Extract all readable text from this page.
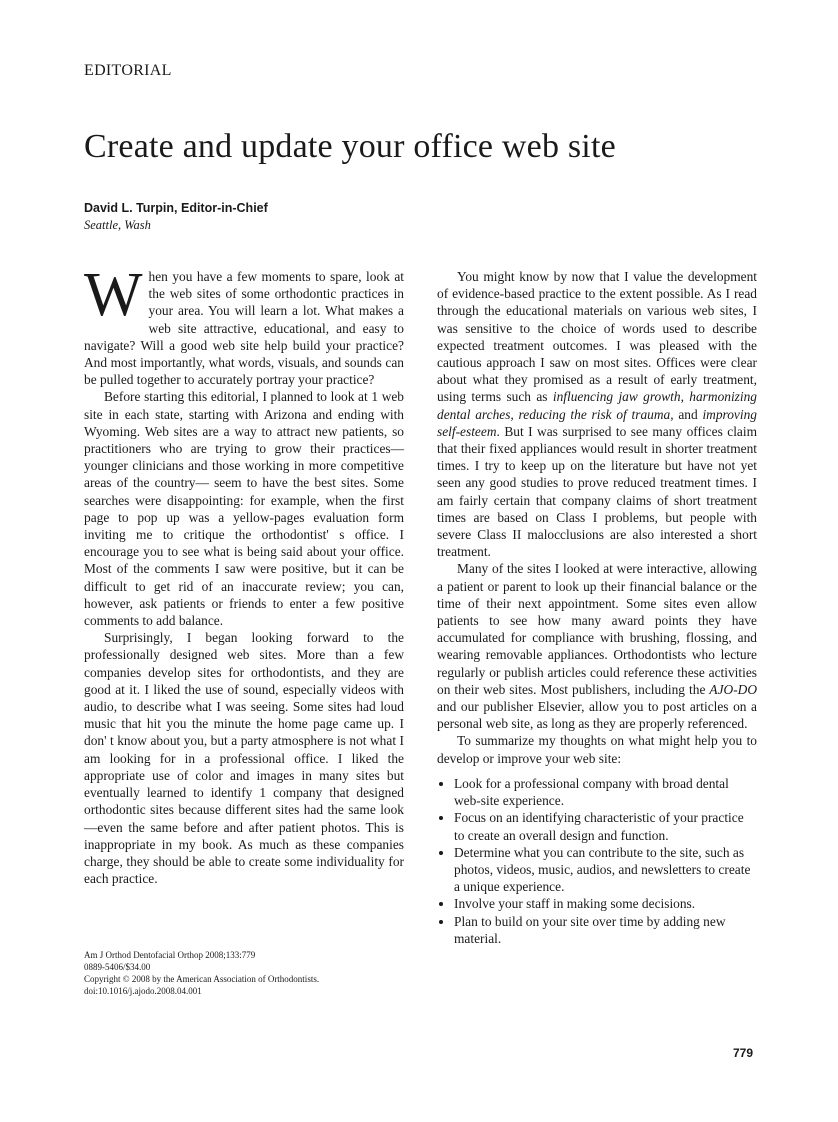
EDITORIAL
Create and update your office web site
David L. Turpin, Editor-in-Chief
Seattle, Wash

When you have a few moments to spare, look at the web sites of some orthodontic practices in your area. You will learn a lot. What makes a web site attractive, educational, and easy to navigate? Will a good web site help build your practice? And most importantly, what words, visuals, and sounds can be pulled together to accurately portray your practice?

Before starting this editorial, I planned to look at 1 web site in each state, starting with Arizona and ending with Wyoming. Web sites are a way to attract new patients, so practitioners who are trying to grow their practices—younger clinicians and those working in more competitive areas of the country— seem to have the best sites. Some searches were disappointing: for example, when the first page to pop up was a yellow-pages evaluation form inviting me to critique the orthodontist' s office. I encourage you to see what is being said about your office. Most of the comments I saw were positive, but it can be difficult to get rid of an inaccurate review; you can, however, ask patients or friends to enter a few positive comments to add balance.

Surprisingly, I began looking forward to the professionally designed web sites. More than a few companies develop sites for orthodontists, and they are good at it. I liked the use of sound, especially videos with audio, to describe what I was seeing. Some sites had loud music that hit you the minute the home page came up. I don' t know about you, but a party atmosphere is not what I am looking for in a professional office. I liked the appropriate use of color and images in many sites but eventually learned to identify 1 company that designed orthodontic sites because different sites had the same look—even the same before and after patient photos. This is inappropriate in my book. As much as these companies charge, they should be able to create some individuality for each practice.

You might know by now that I value the development of evidence-based practice to the extent possible. As I read through the educational materials on various web sites, I was sensitive to the choice of words used to describe expected treatment outcomes. I was pleased with the cautious approach I saw on most sites. Offices were clear about what they promised as a result of early treatment, using terms such as influencing jaw growth, harmonizing dental arches, reducing the risk of trauma, and improving self-esteem. But I was surprised to see many offices claim that their fixed appliances would result in shorter treatment times. I try to keep up on the literature but have not yet seen any good studies to prove reduced treatment times. I am fairly certain that company claims of short treatment times are based on Class I problems, but people with severe Class II malocclusions are also interested a short treatment.

Many of the sites I looked at were interactive, allowing a patient or parent to look up their financial balance or the time of their next appointment. Some sites even allow patients to see how many award points they have accumulated for compliance with brushing, flossing, and wearing removable appliances. Orthodontists who lecture regularly or publish articles could reference these activities on their web sites. Most publishers, including the AJO-DO and our publisher Elsevier, allow you to post articles on a personal web site, as long as they are properly referenced.

To summarize my thoughts on what might help you to develop or improve your web site:

• Look for a professional company with broad dental web-site experience.
• Focus on an identifying characteristic of your practice to create an overall design and function.
• Determine what you can contribute to the site, such as photos, videos, music, audios, and newsletters to create a unique experience.
• Involve your staff in making some decisions.
• Plan to build on your site over time by adding new material.
Am J Orthod Dentofacial Orthop 2008;133:779
0889-5406/$34.00
Copyright © 2008 by the American Association of Orthodontists.
doi:10.1016/j.ajodo.2008.04.001
779
